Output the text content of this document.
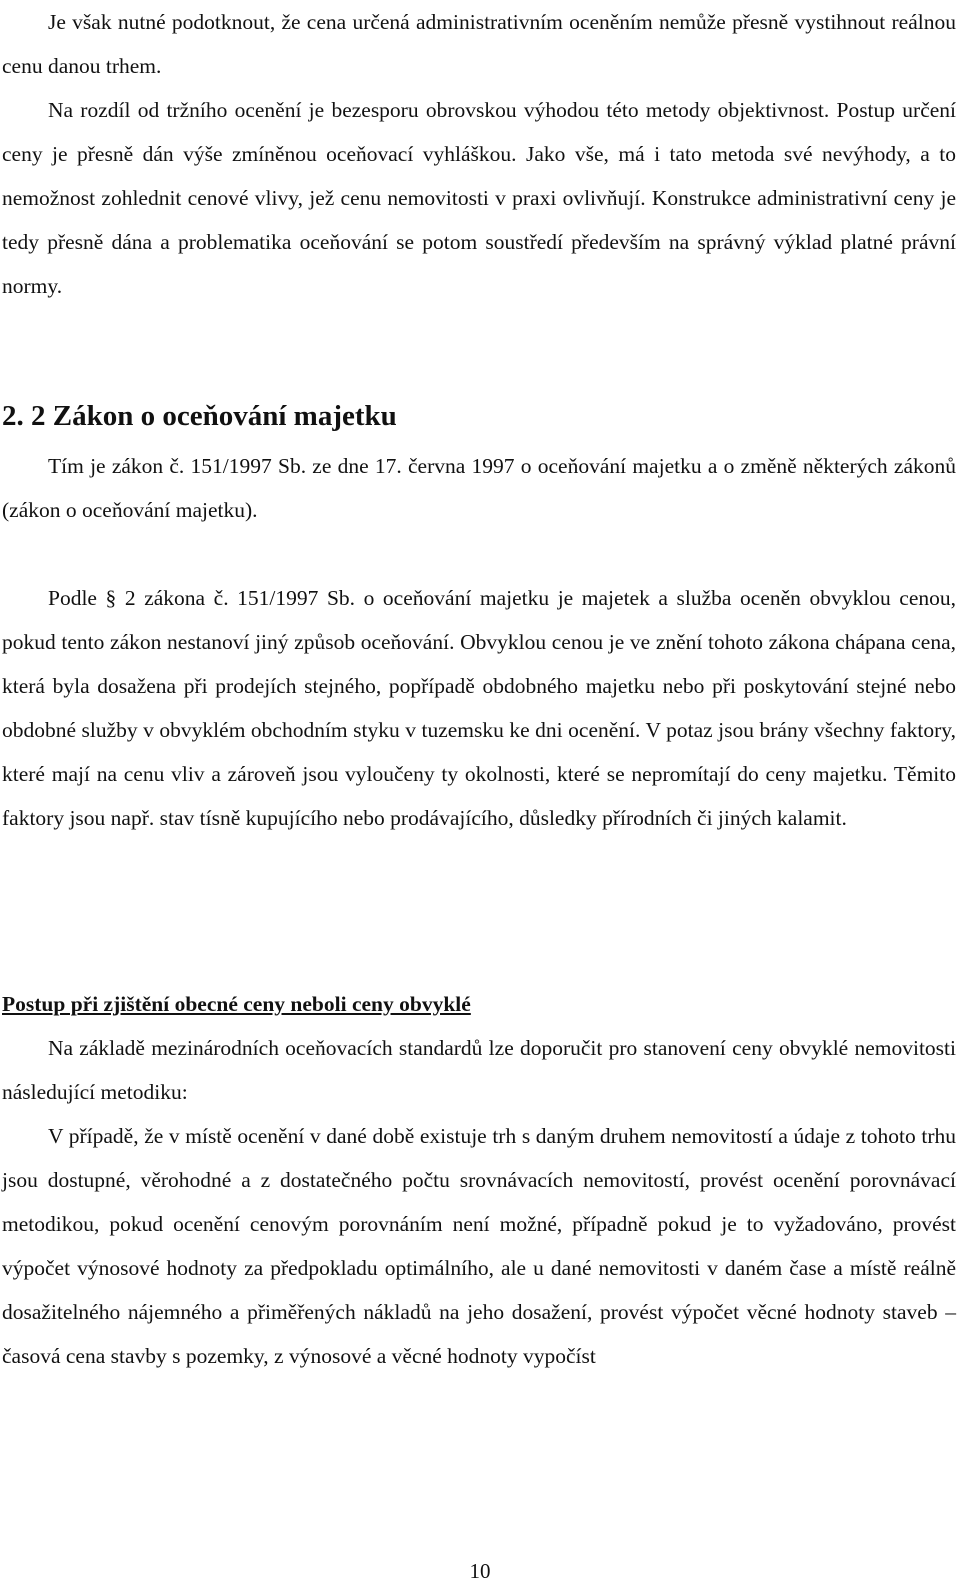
Je však nutné podotknout, že cena určená administrativním oceněním nemůže přesně vystihnout reálnou cenu danou trhem.

Na rozdíl od tržního ocenění je bezesporu obrovskou výhodou této metody objektivnost. Postup určení ceny je přesně dán výše zmíněnou oceňovací vyhláškou. Jako vše, má i tato metoda své nevýhody, a to nemožnost zohlednit cenové vlivy, jež cenu nemovitosti v praxi ovlivňují. Konstrukce administrativní ceny je tedy přesně dána a problematika oceňování se potom soustředí především na správný výklad platné právní normy.

2. 2 Zákon o oceňování majetku

Tím je zákon č. 151/1997 Sb. ze dne 17. června 1997 o oceňování majetku a o změně některých zákonů (zákon o oceňování majetku).

Podle § 2 zákona č. 151/1997 Sb. o oceňování majetku je majetek a služba oceněn obvyklou cenou, pokud tento zákon nestanoví jiný způsob oceňování. Obvyklou cenou je ve znění tohoto zákona chápana cena, která byla dosažena při prodejích stejného, popřípadě obdobného majetku nebo při poskytování stejné nebo obdobné služby v obvyklém obchodním styku v tuzemsku ke dni ocenění. V potaz jsou brány všechny faktory, které mají na cenu vliv a zároveň jsou vyloučeny ty okolnosti, které se nepromítají do ceny majetku. Těmito faktory jsou např. stav tísně kupujícího nebo prodávajícího, důsledky přírodních či jiných kalamit.

Postup při zjištění obecné ceny neboli ceny obvyklé

Na základě mezinárodních oceňovacích standardů lze doporučit pro stanovení ceny obvyklé nemovitosti následující metodiku:

V případě, že v místě ocenění v dané době existuje trh s daným druhem nemovitostí a údaje z tohoto trhu jsou dostupné, věrohodné a z dostatečného počtu srovnávacích nemovitostí, provést ocenění porovnávací metodikou, pokud ocenění cenovým porovnáním není možné, případně pokud je to vyžadováno, provést výpočet výnosové hodnoty za předpokladu optimálního, ale u dané nemovitosti v daném čase a místě reálně dosažitelného nájemného a přiměřených nákladů na jeho dosažení, provést výpočet věcné hodnoty staveb – časová cena stavby s pozemky, z výnosové a věcné hodnoty vypočíst

10
